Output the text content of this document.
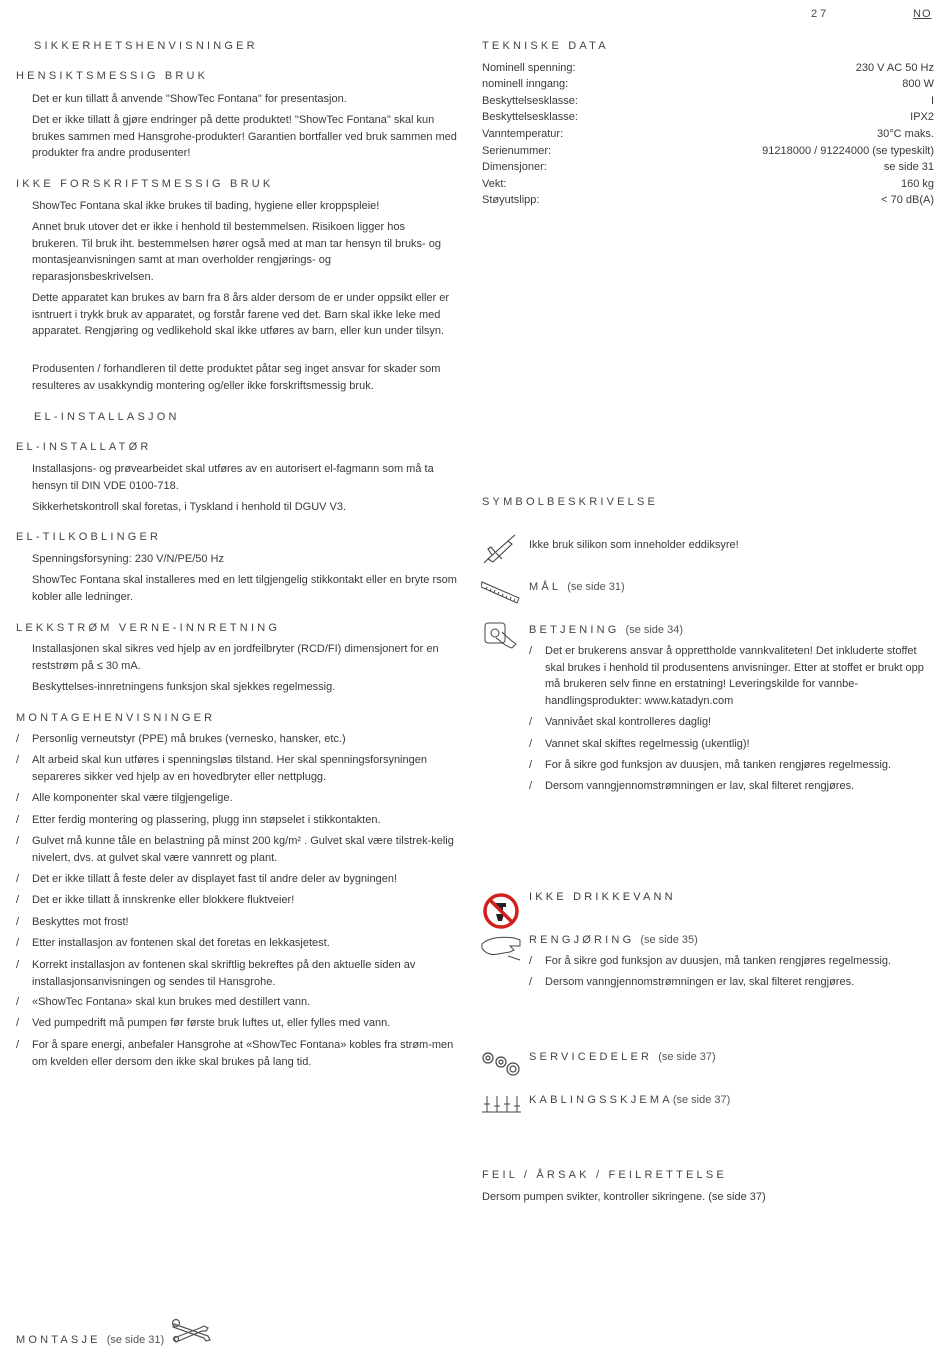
27	NO
SIKKERHETSHENVISNINGER
HENSIKTSMESSIG BRUK
Det er kun tillatt å anvende "ShowTec Fontana" for presentasjon.
Det er ikke tillatt å gjøre endringer på dette produktet! "ShowTec Fontana" skal kun brukes sammen med Hansgrohe-produkter! Garantien bortfaller ved bruk sammen med produkter fra andre produsenter!
IKKE FORSKRIFTSMESSIG BRUK
ShowTec Fontana skal ikke brukes til bading, hygiene eller kroppspleie!
Annet bruk utover det er ikke i henhold til bestemmelsen. Risikoen ligger hos brukeren. Til bruk iht. bestemmelsen hører også med at man tar hensyn til bruks- og montasjeanvisningen samt at man overholder rengjørings- og reparasjonsbeskrivelsen.
Dette apparatet kan brukes av barn fra 8 års alder dersom de er under oppsikt eller er isntruert i trykk bruk av apparatet, og forstår farene ved det. Barn skal ikke leke med apparatet. Rengjøring og vedlikehold skal ikke utføres av barn, eller kun under tilsyn.
Produsenten / forhandleren til dette produktet påtar seg inget ansvar for skader som resulteres av usakkyndig montering og/eller ikke forskriftsmessig bruk.
EL-INSTALLASJON
EL-INSTALLATØR
Installasjons- og prøvearbeidet skal utføres av en autorisert el-fagmann som må ta hensyn til DIN VDE 0100-718.
Sikkerhetskontroll skal foretas, i Tyskland i henhold til DGUV V3.
EL-TILKOBLINGER
Spenningsforsyning: 230 V/N/PE/50 Hz
ShowTec Fontana skal installeres med en lett tilgjengelig stikkontakt eller en bryte rsom kobler alle ledninger.
LEKKSTRØM VERNE-INNRETNING
Installasjonen skal sikres ved hjelp av en jordfeilbryter (RCD/FI) dimensjonert for en reststrøm på ≤ 30 mA.
Beskyttelses-innretningens funksjon skal sjekkes regelmessig.
MONTAGEHENVISNINGER
/	Personlig verneutstyr (PPE) må brukes (vernesko, hansker, etc.)
/	Alt arbeid skal kun utføres i spenningsløs tilstand. Her skal spenningsforsyningen separeres sikker ved hjelp av en hovedbryter eller nettplugg.
/	Alle komponenter skal være tilgjengelige.
/	Etter ferdig montering og plassering, plugg inn støpselet i stikkontakten.
/	Gulvet må kunne tåle en belastning på minst 200 kg/m² . Gulvet skal være tilstrek-kelig nivelert, dvs. at gulvet skal være vannrett og plant.
/	Det er ikke tillatt å feste deler av displayet fast til andre deler av bygningen!
/	Det er ikke tillatt å innskrenke eller blokkere fluktveier!
/	Beskyttes mot frost!
/	Etter installasjon av fontenen skal det foretas en lekkasjetest.
/	Korrekt installasjon av fontenen skal skriftlig bekreftes på den aktuelle siden av installasjonsanvisningen og sendes til Hansgrohe.
/	«ShowTec Fontana» skal kun brukes med destillert vann.
/	Ved pumpedrift må pumpen før første bruk luftes ut, eller fylles med vann.
/	For å spare energi, anbefaler Hansgrohe at «ShowTec Fontana» kobles fra strøm-men om kvelden eller dersom den ikke skal brukes på lang tid.
MONTASJE (se side 31)
TEKNISKE DATA
Nominell spenning:	230 V AC 50 Hz
nominell inngang:	800 W
Beskyttelsesklasse:	I
Beskyttelsesklasse:	IPX2
Vanntemperatur:	30°C maks.
Serienummer:	91218000 / 91224000 (se typeskilt)
Dimensjoner:	se side 31
Vekt:	160 kg
Støyutslipp:	< 70 dB(A)
SYMBOLBESKRIVELSE
Ikke bruk silikon som inneholder eddiksyre!
MÅL (se side 31)
BETJENING (se side 34)
/	Det er brukerens ansvar å opprettholde vannkvaliteten! Det inkluderte stoffet skal brukes i henhold til produsentens anvisninger. Etter at stoffet er brukt opp må brukeren selv finne en erstatning! Leveringskilde for vannbe-handlingsprodukter: www.katadyn.com
/	Vannivået skal kontrolleres daglig!
/	Vannet skal skiftes regelmessig (ukentlig)!
/	For å sikre god funksjon av duusjen, må tanken rengjøres regelmessig.
/	Dersom vanngjennomstrømningen er lav, skal filteret rengjøres.
IKKE DRIKKEVANN
RENGJØRING (se side 35)
/	For å sikre god funksjon av duusjen, må tanken rengjøres regelmessig.
/	Dersom vanngjennomstrømningen er lav, skal filteret rengjøres.
SERVICEDELER (se side 37)
KABLINGSSKJEMA(se side 37)
FEIL / ÅRSAK / FEILRETTELSE
Dersom pumpen svikter, kontroller sikringene. (se side 37)
